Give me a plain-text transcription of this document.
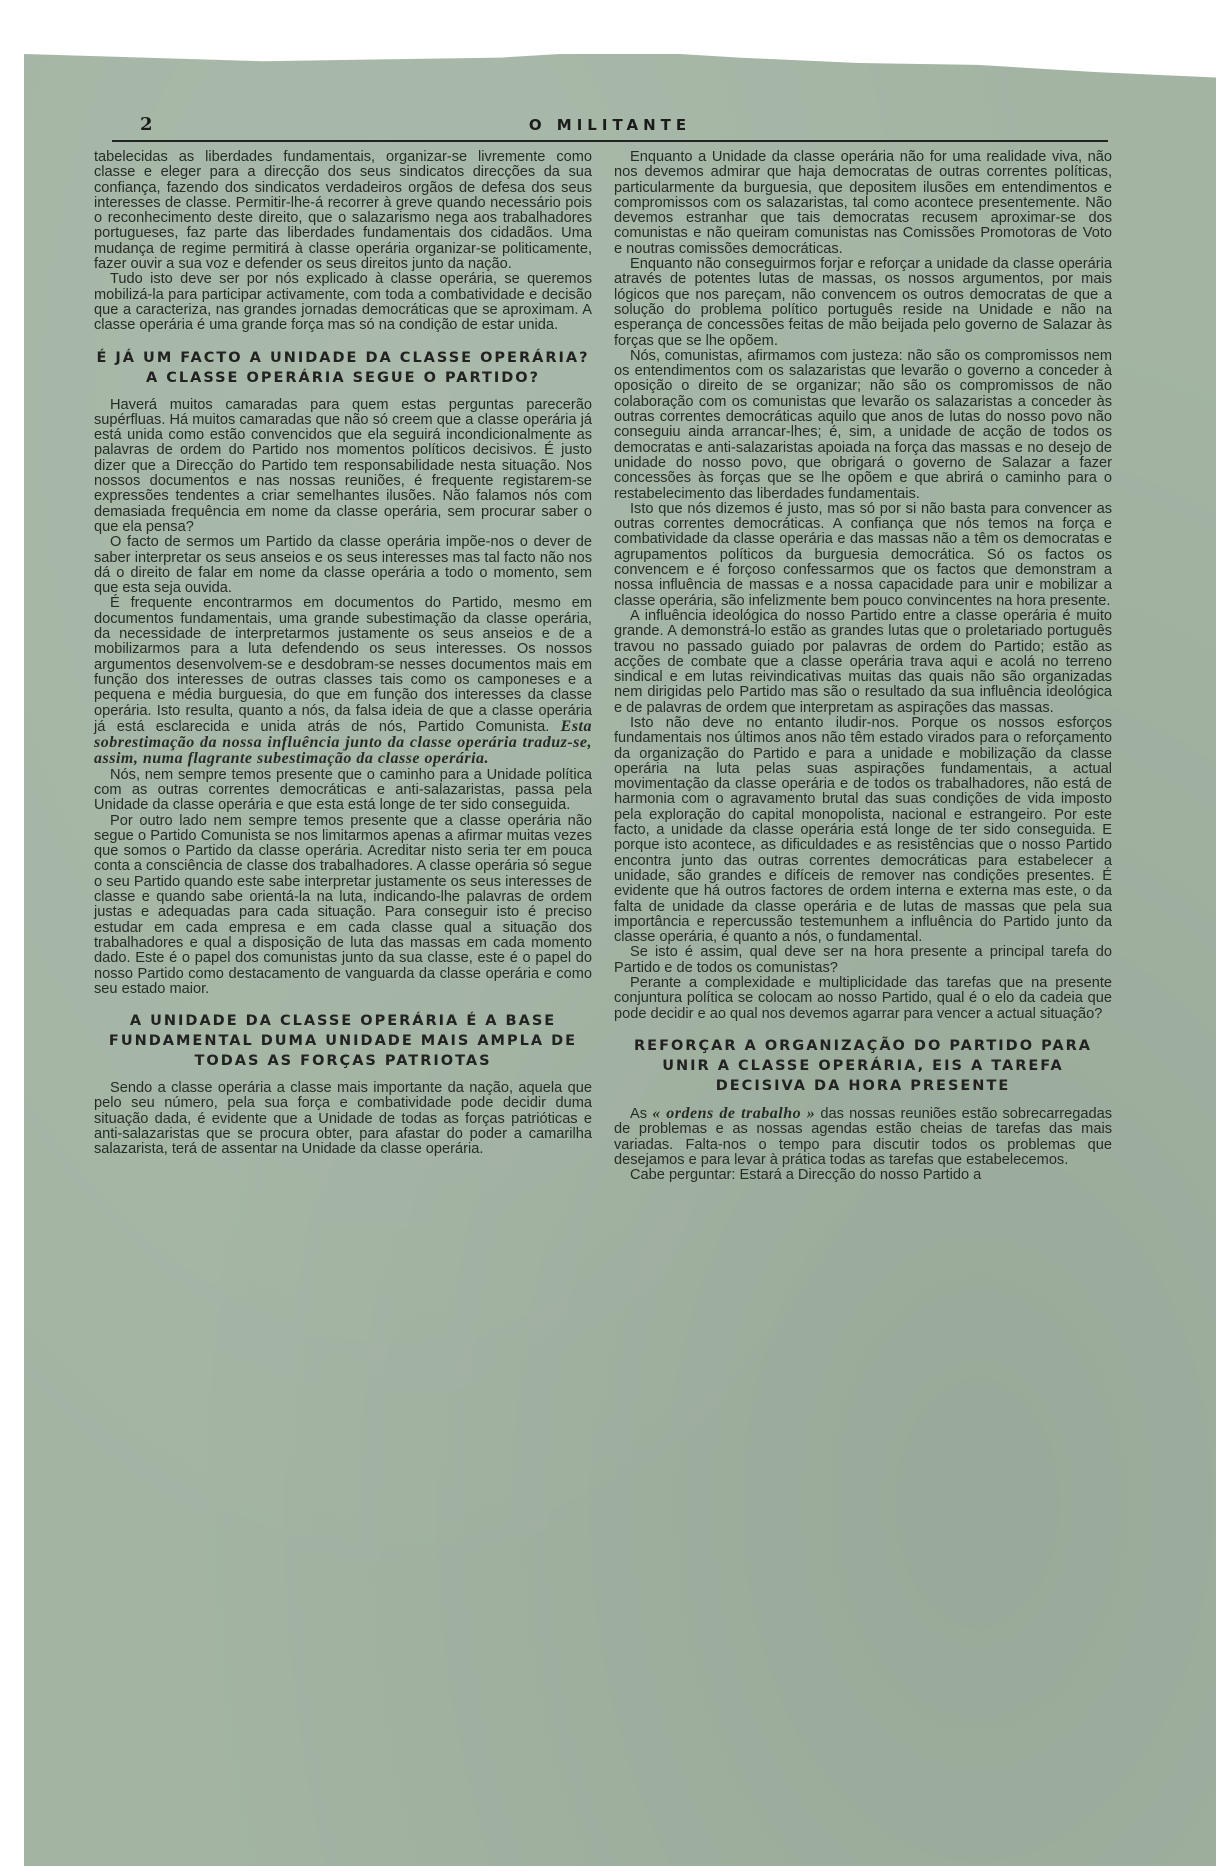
2	O MILITANTE

tabelecidas as liberdades fundamentais, organizar-se livremente como classe e eleger para a direcção dos seus sindicatos direcções da sua confiança, fazendo dos sindicatos verdadeiros orgãos de defesa dos seus interesses de classe. Permitir-lhe-á recorrer à greve quando necessário pois o reconhecimento deste direito, que o salazarismo nega aos trabalhadores portugueses, faz parte das liberdades fundamentais dos cidadãos. Uma mudança de regime permitirá à classe operária organizar-se politicamente, fazer ouvir a sua voz e defender os seus direitos junto da nação.

Tudo isto deve ser por nós explicado à classe operária, se queremos mobilizá-la para participar activamente, com toda a combatividade e decisão que a caracteriza, nas grandes jornadas democráticas que se aproximam. A classe operária é uma grande força mas só na condição de estar unida.

É JÁ UM FACTO A UNIDADE DA CLASSE OPERÁRIA? A CLASSE OPERÁRIA SEGUE O PARTIDO?

Haverá muitos camaradas para quem estas perguntas parecerão supérfluas. Há muitos camaradas que não só creem que a classe operária já está unida como estão convencidos que ela seguirá incondicionalmente as palavras de ordem do Partido nos momentos políticos decisivos. É justo dizer que a Direcção do Partido tem responsabilidade nesta situação. Nos nossos documentos e nas nossas reuniões, é frequente registarem-se expressões tendentes a criar semelhantes ilusões. Não falamos nós com demasiada frequência em nome da classe operária, sem procurar saber o que ela pensa?

O facto de sermos um Partido da classe operária impõe-nos o dever de saber interpretar os seus anseios e os seus interesses mas tal facto não nos dá o direito de falar em nome da classe operária a todo o momento, sem que esta seja ouvida.

É frequente encontrarmos em documentos do Partido, mesmo em documentos fundamentais, uma grande subestimação da classe operária, da necessidade de interpretarmos justamente os seus anseios e de a mobilizarmos para a luta defendendo os seus interesses. Os nossos argumentos desenvolvem-se e desdobram-se nesses documentos mais em função dos interesses de outras classes tais como os camponeses e a pequena e média burguesia, do que em função dos interesses da classe operária. Isto resulta, quanto a nós, da falsa ideia de que a classe operária já está esclarecida e unida atrás de nós, Partido Comunista. Esta sobrestimação da nossa influência junto da classe operária traduz-se, assim, numa flagrante subestimação da classe operária.

Nós, nem sempre temos presente que o caminho para a Unidade política com as outras correntes democráticas e anti-salazaristas, passa pela Unidade da classe operária e que esta está longe de ter sido conseguida.

Por outro lado nem sempre temos presente que a classe operária não segue o Partido Comunista se nos limitarmos apenas a afirmar muitas vezes que somos o Partido da classe operária. Acreditar nisto seria ter em pouca conta a consciência de classe dos trabalhadores. A classe operária só segue o seu Partido quando este sabe interpretar justamente os seus interesses de classe e quando sabe orientá-la na luta, indicando-lhe palavras de ordem justas e adequadas para cada situação. Para conseguir isto é preciso estudar em cada empresa e em cada classe qual a situação dos trabalhadores e qual a disposição de luta das massas em cada momento dado. Este é o papel dos comunistas junto da sua classe, este é o papel do nosso Partido como destacamento de vanguarda da classe operária e como seu estado maior.

A UNIDADE DA CLASSE OPERÁRIA É A BASE FUNDAMENTAL DUMA UNIDADE MAIS AMPLA DE TODAS AS FORÇAS PATRIOTAS

Sendo a classe operária a classe mais importante da nação, aquela que pelo seu número, pela sua força e combatividade pode decidir duma situação dada, é evidente que a Unidade de todas as forças patrióticas e anti-salazaristas que se procura obter, para afastar do poder a camarilha salazarista, terá de assentar na Unidade da classe operária.

Enquanto a Unidade da classe operária não for uma realidade viva, não nos devemos admirar que haja democratas de outras correntes políticas, particularmente da burguesia, que depositem ilusões em entendimentos e compromissos com os salazaristas, tal como acontece presentemente. Não devemos estranhar que tais democratas recusem aproximar-se dos comunistas e não queiram comunistas nas Comissões Promotoras de Voto e noutras comissões democráticas.

Enquanto não conseguirmos forjar e reforçar a unidade da classe operária através de potentes lutas de massas, os nossos argumentos, por mais lógicos que nos pareçam, não convencem os outros democratas de que a solução do problema político português reside na Unidade e não na esperança de concessões feitas de mão beijada pelo governo de Salazar às forças que se lhe opõem.

Nós, comunistas, afirmamos com justeza: não são os compromissos nem os entendimentos com os salazaristas que levarão o governo a conceder à oposição o direito de se organizar; não são os compromissos de não colaboração com os comunistas que levarão os salazaristas a conceder às outras correntes democráticas aquilo que anos de lutas do nosso povo não conseguiu ainda arrancar-lhes; é, sim, a unidade de acção de todos os democratas e anti-salazaristas apoiada na força das massas e no desejo de unidade do nosso povo, que obrigará o governo de Salazar a fazer concessões às forças que se lhe opõem e que abrirá o caminho para o restabelecimento das liberdades fundamentais.

Isto que nós dizemos é justo, mas só por si não basta para convencer as outras correntes democráticas. A confiança que nós temos na força e combatividade da classe operária e das massas não a têm os democratas e agrupamentos políticos da burguesia democrática. Só os factos os convencem e é forçoso confessarmos que os factos que demonstram a nossa influência de massas e a nossa capacidade para unir e mobilizar a classe operária, são infelizmente bem pouco convincentes na hora presente.

A influência ideológica do nosso Partido entre a classe operária é muito grande. A demonstrá-lo estão as grandes lutas que o proletariado português travou no passado guiado por palavras de ordem do Partido; estão as acções de combate que a classe operária trava aqui e acolá no terreno sindical e em lutas reivindicativas muitas das quais não são organizadas nem dirigidas pelo Partido mas são o resultado da sua influência ideológica e de palavras de ordem que interpretam as aspirações das massas.

Isto não deve no entanto iludir-nos. Porque os nossos esforços fundamentais nos últimos anos não têm estado virados para o reforçamento da organização do Partido e para a unidade e mobilização da classe operária na luta pelas suas aspirações fundamentais, a actual movimentação da classe operária e de todos os trabalhadores, não está de harmonia com o agravamento brutal das suas condições de vida imposto pela exploração do capital monopolista, nacional e estrangeiro. Por este facto, a unidade da classe operária está longe de ter sido conseguida. E porque isto acontece, as dificuldades e as resistências que o nosso Partido encontra junto das outras correntes democráticas para estabelecer a unidade, são grandes e difíceis de remover nas condições presentes. É evidente que há outros factores de ordem interna e externa mas este, o da falta de unidade da classe operária e de lutas de massas que pela sua importância e repercussão testemunhem a influência do Partido junto da classe operária, é quanto a nós, o fundamental.

Se isto é assim, qual deve ser na hora presente a principal tarefa do Partido e de todos os comunistas?

Perante a complexidade e multiplicidade das tarefas que na presente conjuntura política se colocam ao nosso Partido, qual é o elo da cadeia que pode decidir e ao qual nos devemos agarrar para vencer a actual situação?

REFORÇAR A ORGANIZAÇÃO DO PARTIDO PARA UNIR A CLASSE OPERÁRIA, EIS A TAREFA DECISIVA DA HORA PRESENTE

As « ordens de trabalho » das nossas reuniões estão sobrecarregadas de problemas e as nossas agendas estão cheias de tarefas das mais variadas. Falta-nos o tempo para discutir todos os problemas que desejamos e para levar à prática todas as tarefas que estabelecemos.

Cabe perguntar: Estará a Direcção do nosso Partido a
